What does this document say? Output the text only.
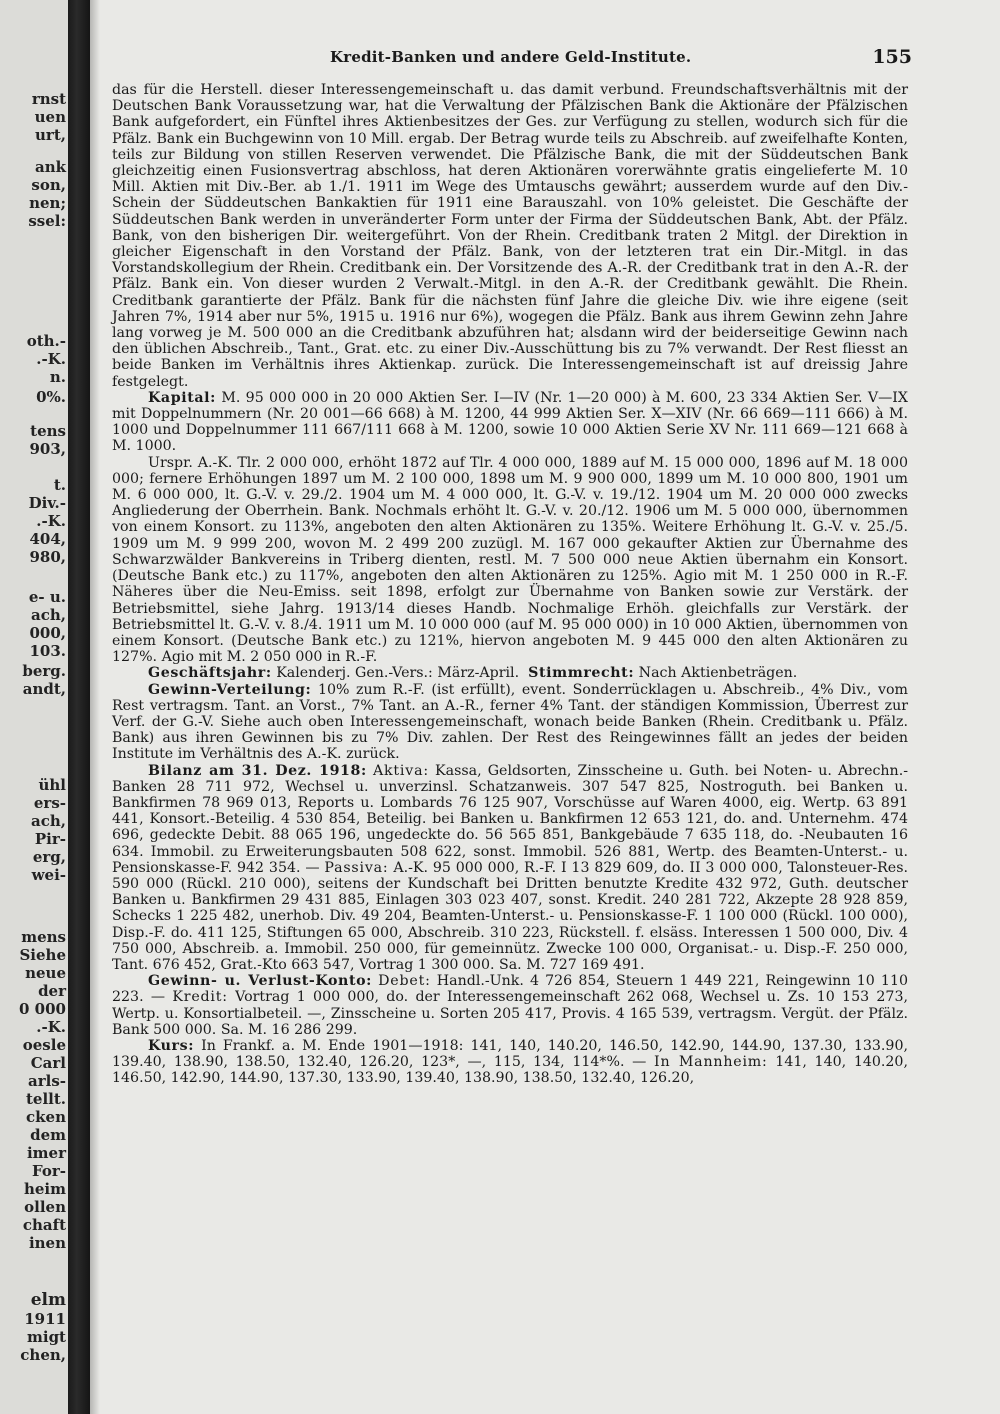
rnst
uen
urt,
ank
son,
nen;
ssel:
oth.-
.-K.
n.
0%.
tens
903,
t.
Div.-
.-K.
404,
980,
e- u.
ach,
000,
103.
berg.
andt,
ühl
ers-
ach,
Pir-
erg,
wei-
mens
Siehe
neue
der
0 000
.-K.
oesle
Carl
arls-
tellt.
cken
dem
imer
For-
heim
ollen
chaft
inen
elm
1911
migt
chen,
Kredit-Banken und andere Geld-Institute.	155

das für die Herstell. dieser Interessengemeinschaft u. das damit verbund. Freundschaftsverhältnis mit der Deutschen Bank Voraussetzung war, hat die Verwaltung der Pfälzischen Bank die Aktionäre der Pfälzischen Bank aufgefordert, ein Fünftel ihres Aktienbesitzes der Ges. zur Verfügung zu stellen, wodurch sich für die Pfälz. Bank ein Buchgewinn von 10 Mill. ergab. Der Betrag wurde teils zu Abschreib. auf zweifelhafte Konten, teils zur Bildung von stillen Reserven verwendet. Die Pfälzische Bank, die mit der Süddeutschen Bank gleichzeitig einen Fusionsvertrag abschloss, hat deren Aktionären vorerwähnte gratis eingelieferte M. 10 Mill. Aktien mit Div.-Ber. ab 1./1. 1911 im Wege des Umtauschs gewährt; ausserdem wurde auf den Div.-Schein der Süddeutschen Bankaktien für 1911 eine Barauszahl. von 10% geleistet. Die Geschäfte der Süddeutschen Bank werden in unveränderter Form unter der Firma der Süddeutschen Bank, Abt. der Pfälz. Bank, von den bisherigen Dir. weitergeführt. Von der Rhein. Creditbank traten 2 Mitgl. der Direktion in gleicher Eigenschaft in den Vorstand der Pfälz. Bank, von der letzteren trat ein Dir.-Mitgl. in das Vorstandskollegium der Rhein. Creditbank ein. Der Vorsitzende des A.-R. der Creditbank trat in den A.-R. der Pfälz. Bank ein. Von dieser wurden 2 Verwalt.-Mitgl. in den A.-R. der Creditbank gewählt. Die Rhein. Creditbank garantierte der Pfälz. Bank für die nächsten fünf Jahre die gleiche Div. wie ihre eigene (seit Jahren 7%, 1914 aber nur 5%, 1915 u. 1916 nur 6%), wogegen die Pfälz. Bank aus ihrem Gewinn zehn Jahre lang vorweg je M. 500 000 an die Creditbank abzuführen hat; alsdann wird der beiderseitige Gewinn nach den üblichen Abschreib., Tant., Grat. etc. zu einer Div.-Ausschüttung bis zu 7% verwandt. Der Rest fliesst an beide Banken im Verhältnis ihres Aktienkap. zurück. Die Interessengemeinschaft ist auf dreissig Jahre festgelegt.

Kapital: M. 95 000 000 in 20 000 Aktien Ser. I—IV (Nr. 1—20 000) à M. 600, 23 334 Aktien Ser. V—IX mit Doppelnummern (Nr. 20 001—66 668) à M. 1200, 44 999 Aktien Ser. X—XIV (Nr. 66 669—111 666) à M. 1000 und Doppelnummer 111 667/111 668 à M. 1200, sowie 10 000 Aktien Serie XV Nr. 111 669—121 668 à M. 1000.

Urspr. A.-K. Tlr. 2 000 000, erhöht 1872 auf Tlr. 4 000 000, 1889 auf M. 15 000 000, 1896 auf M. 18 000 000; fernere Erhöhungen 1897 um M. 2 100 000, 1898 um M. 9 900 000, 1899 um M. 10 000 800, 1901 um M. 6 000 000, lt. G.-V. v. 29./2. 1904 um M. 4 000 000, lt. G.-V. v. 19./12. 1904 um M. 20 000 000 zwecks Angliederung der Oberrhein. Bank. Nochmals erhöht lt. G.-V. v. 20./12. 1906 um M. 5 000 000, übernommen von einem Konsort. zu 113%, angeboten den alten Aktionären zu 135%. Weitere Erhöhung lt. G.-V. v. 25./5. 1909 um M. 9 999 200, wovon M. 2 499 200 zuzügl. M. 167 000 gekaufter Aktien zur Übernahme des Schwarzwälder Bankvereins in Triberg dienten, restl. M. 7 500 000 neue Aktien übernahm ein Konsort. (Deutsche Bank etc.) zu 117%, angeboten den alten Aktionären zu 125%. Agio mit M. 1 250 000 in R.-F. Näheres über die Neu-Emiss. seit 1898, erfolgt zur Übernahme von Banken sowie zur Verstärk. der Betriebsmittel, siehe Jahrg. 1913/14 dieses Handb. Nochmalige Erhöh. gleichfalls zur Verstärk. der Betriebsmittel lt. G.-V. v. 8./4. 1911 um M. 10 000 000 (auf M. 95 000 000) in 10 000 Aktien, übernommen von einem Konsort. (Deutsche Bank etc.) zu 121%, hiervon angeboten M. 9 445 000 den alten Aktionären zu 127%. Agio mit M. 2 050 000 in R.-F.

Geschäftsjahr: Kalenderj. Gen.-Vers.: März-April. Stimmrecht: Nach Aktienbeträgen.

Gewinn-Verteilung: 10% zum R.-F. (ist erfüllt), event. Sonderrücklagen u. Abschreib., 4% Div., vom Rest vertragsm. Tant. an Vorst., 7% Tant. an A.-R., ferner 4% Tant. der ständigen Kommission, Überrest zur Verf. der G.-V. Siehe auch oben Interessengemeinschaft, wonach beide Banken (Rhein. Creditbank u. Pfälz. Bank) aus ihren Gewinnen bis zu 7% Div. zahlen. Der Rest des Reingewinnes fällt an jedes der beiden Institute im Verhältnis des A.-K. zurück.

Bilanz am 31. Dez. 1918: Aktiva: Kassa, Geldsorten, Zinsscheine u. Guth. bei Noten- u. Abrechn.-Banken 28 711 972, Wechsel u. unverzinsl. Schatzanweis. 307 547 825, Nostroguth. bei Banken u. Bankfirmen 78 969 013, Reports u. Lombards 76 125 907, Vorschüsse auf Waren 4000, eig. Wertp. 63 891 441, Konsort.-Beteilig. 4 530 854, Beteilig. bei Banken u. Bankfirmen 12 653 121, do. and. Unternehm. 474 696, gedeckte Debit. 88 065 196, ungedeckte do. 56 565 851, Bankgebäude 7 635 118, do. -Neubauten 16 634. Immobil. zu Erweiterungsbauten 508 622, sonst. Immobil. 526 881, Wertp. des Beamten-Unterst.- u. Pensionskasse-F. 942 354. — Passiva: A.-K. 95 000 000, R.-F. I 13 829 609, do. II 3 000 000, Talonsteuer-Res. 590 000 (Rückl. 210 000), seitens der Kundschaft bei Dritten benutzte Kredite 432 972, Guth. deutscher Banken u. Bankfirmen 29 431 885, Einlagen 303 023 407, sonst. Kredit. 240 281 722, Akzepte 28 928 859, Schecks 1 225 482, unerhob. Div. 49 204, Beamten-Unterst.- u. Pensionskasse-F. 1 100 000 (Rückl. 100 000), Disp.-F. do. 411 125, Stiftungen 65 000, Abschreib. 310 223, Rückstell. f. elsäss. Interessen 1 500 000, Div. 4 750 000, Abschreib. a. Immobil. 250 000, für gemeinnütz. Zwecke 100 000, Organisat.- u. Disp.-F. 250 000, Tant. 676 452, Grat.-Kto 663 547, Vortrag 1 300 000. Sa. M. 727 169 491.

Gewinn- u. Verlust-Konto: Debet: Handl.-Unk. 4 726 854, Steuern 1 449 221, Reingewinn 10 110 223. — Kredit: Vortrag 1 000 000, do. der Interessengemeinschaft 262 068, Wechsel u. Zs. 10 153 273, Wertp. u. Konsortialbeteil. —, Zinsscheine u. Sorten 205 417, Provis. 4 165 539, vertragsm. Vergüt. der Pfälz. Bank 500 000. Sa. M. 16 286 299.

Kurs: In Frankf. a. M. Ende 1901—1918: 141, 140, 140.20, 146.50, 142.90, 144.90, 137.30, 133.90, 139.40, 138.90, 138.50, 132.40, 126.20, 123*, —, 115, 134, 114*%. — In Mannheim: 141, 140, 140.20, 146.50, 142.90, 144.90, 137.30, 133.90, 139.40, 138.90, 138.50, 132.40, 126.20,
